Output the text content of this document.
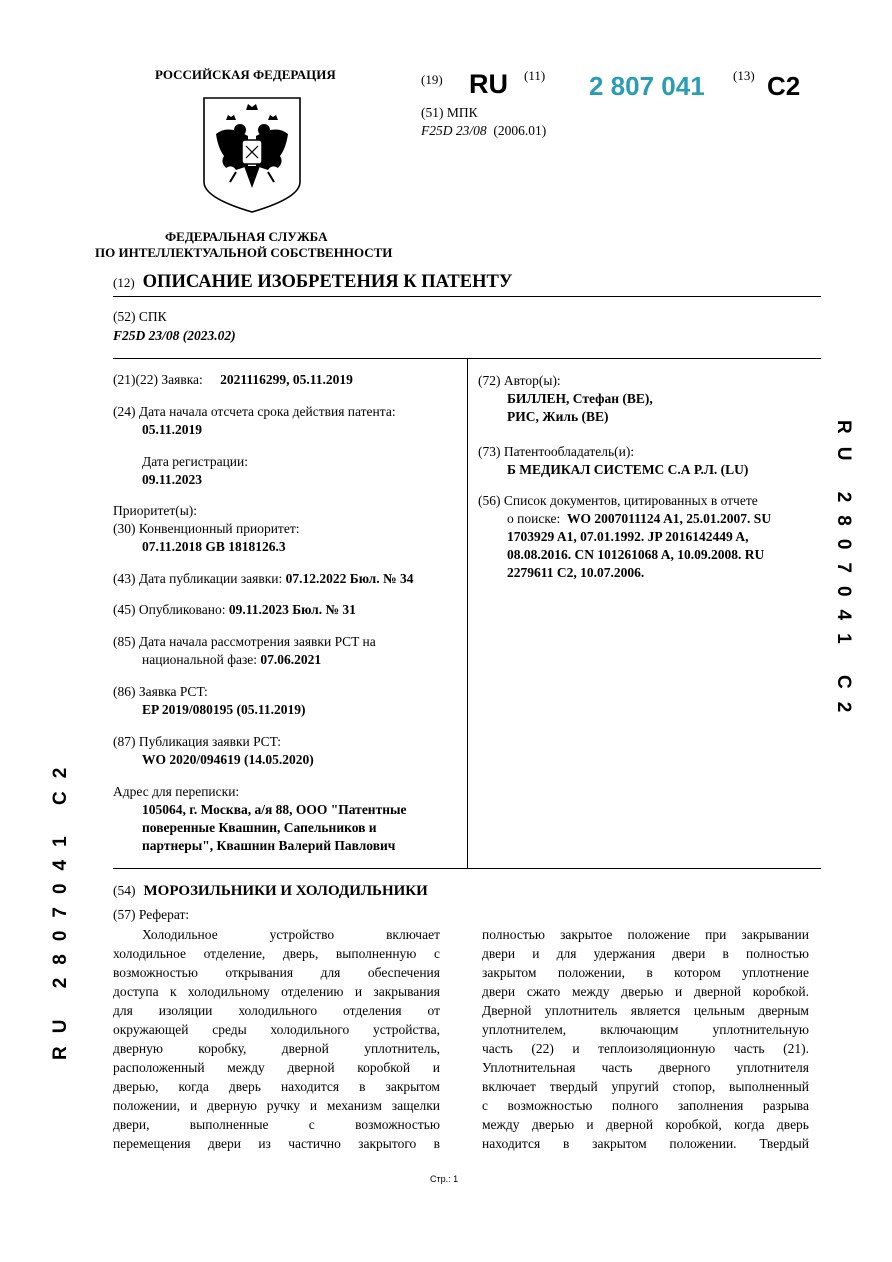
РОССИЙСКАЯ ФЕДЕРАЦИЯ
ФЕДЕРАЛЬНАЯ СЛУЖБА
ПО ИНТЕЛЛЕКТУАЛЬНОЙ СОБСТВЕННОСТИ
(19) RU (11) 2 807 041 (13) C2
(51) МПК
F25D 23/08 (2006.01)
(12) ОПИСАНИЕ ИЗОБРЕТЕНИЯ К ПАТЕНТУ
(52) СПК
F25D 23/08 (2023.02)
(21)(22) Заявка: 2021116299, 05.11.2019
(24) Дата начала отсчета срока действия патента:
05.11.2019
Дата регистрации:
09.11.2023
Приоритет(ы):
(30) Конвенционный приоритет:
07.11.2018 GB 1818126.3
(43) Дата публикации заявки: 07.12.2022 Бюл. № 34
(45) Опубликовано: 09.11.2023 Бюл. № 31
(85) Дата начала рассмотрения заявки PCT на
национальной фазе: 07.06.2021
(86) Заявка PCT:
EP 2019/080195 (05.11.2019)
(87) Публикация заявки PCT:
WO 2020/094619 (14.05.2020)
Адрес для переписки:
105064, г. Москва, а/я 88, ООО "Патентные
поверенные Квашнин, Сапельников и
партнеры", Квашнин Валерий Павлович
(72) Автор(ы):
БИЛЛЕН, Стефан (BE),
РИС, Жиль (BE)
(73) Патентообладатель(и):
Б МЕДИКАЛ СИСТЕМС С.А Р.Л. (LU)
(56) Список документов, цитированных в отчете
о поиске: WO 2007011124 A1, 25.01.2007. SU
1703929 A1, 07.01.1992. JP 2016142449 A,
08.08.2016. CN 101261068 A, 10.09.2008. RU
2279611 C2, 10.07.2006.
(54) МОРОЗИЛЬНИКИ И ХОЛОДИЛЬНИКИ
(57) Реферат:
Холодильное	устройство	включает
холодильное отделение, дверь, выполненную с
возможностью открывания для обеспечения
доступа к холодильному отделению и закрывания
для изоляции холодильного отделения от
окружающей среды холодильного устройства,
дверную	коробку,	дверной	уплотнитель,
расположенный между дверной коробкой и
дверью, когда дверь находится в закрытом
положении, и дверную ручку и механизм защелки
двери,	выполненные	с	возможностью
перемещения двери из частично закрытого в
полностью закрытое положение при закрывании
двери и для удержания двери в полностью
закрытом положении, в котором уплотнение
двери сжато между дверью и дверной коробкой.
Дверной уплотнитель является цельным дверным
уплотнителем,	включающим	уплотнительную
часть (22) и теплоизоляционную часть (21).
Уплотнительная часть дверного уплотнителя
включает твердый упругий стопор, выполненный
с возможностью полного заполнения разрыва
между дверью и дверной коробкой, когда дверь
находится в закрытом положении. Твердый
Стр.: 1
RU 2807041 C2
RU 2807041 C2
